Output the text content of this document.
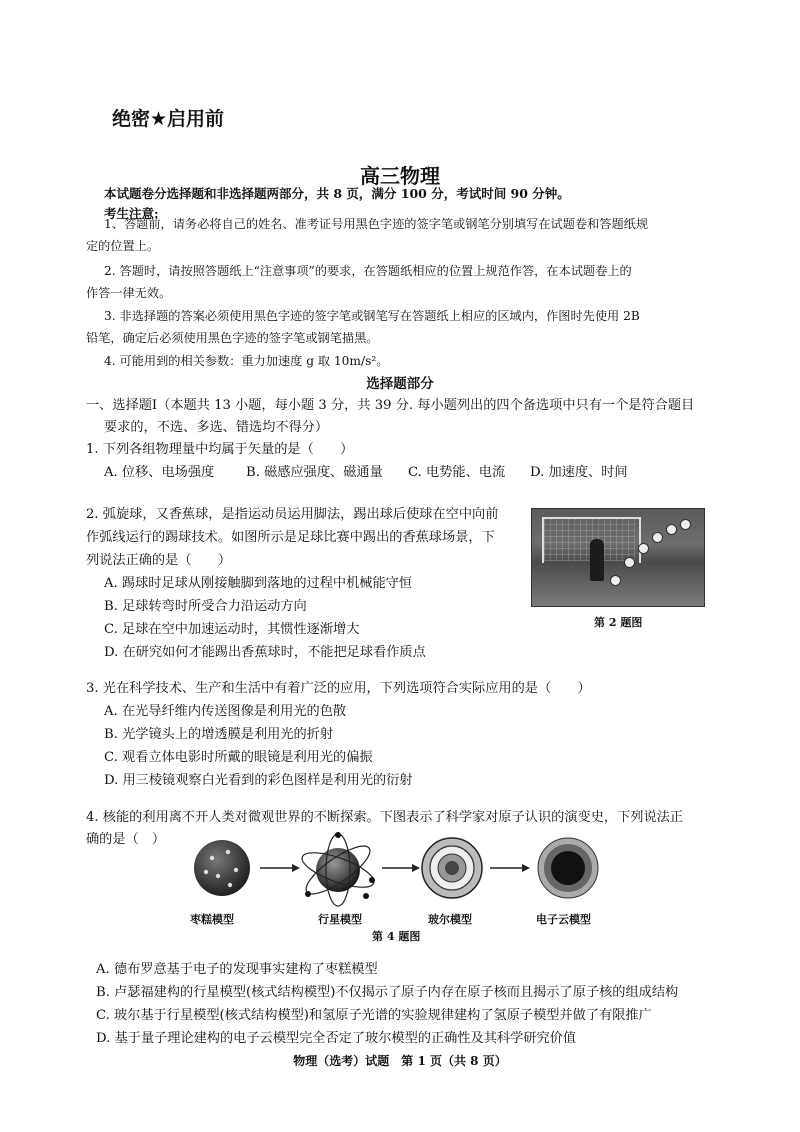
绝密★启用前
高三物理
本试题卷分选择题和非选择题两部分，共 8 页，满分 100 分，考试时间 90 分钟。
考生注意:
1、答题前，请务必将自己的姓名、准考证号用黑色字迹的签字笔或钢笔分别填写在试题卷和答题纸规
定的位置上。
2. 答题时，请按照答题纸上“注意事项”的要求，在答题纸相应的位置上规范作答，在本试题卷上的
作答一律无效。
3. 非选择题的答案必须使用黑色字迹的签字笔或钢笔写在答题纸上相应的区域内，作图时先使用 2B
铅笔，确定后必须使用黑色字迹的签字笔或钢笔描黑。
4. 可能用到的相关参数：重力加速度 g 取 10m/s²。
选择题部分
一、选择题I（本题共 13 小题，每小题 3 分，共 39 分. 每小题列出的四个备选项中只有一个是符合题目
要求的，不选、多选、错选均不得分）
1. 下列各组物理量中均属于矢量的是（　　）
A. 位移、电场强度 B. 磁感应强度、磁通量 C. 电势能、电流 D. 加速度、时间
2. 弧旋球，又香蕉球，是指运动员运用脚法，踢出球后使球在空中向前
作弧线运行的踢球技术。如图所示是足球比赛中踢出的香蕉球场景，下
列说法正确的是（　　）
A. 踢球时足球从刚接触脚到落地的过程中机械能守恒
B. 足球转弯时所受合力沿运动方向
C. 足球在空中加速运动时，其惯性逐渐增大
D. 在研究如何才能踢出香蕉球时，不能把足球看作质点
第 2 题图
3. 光在科学技术、生产和生活中有着广泛的应用，下列选项符合实际应用的是（　　）
A. 在光导纤维内传送图像是利用光的色散
B. 光学镜头上的增透膜是利用光的折射
C. 观看立体电影时所戴的眼镜是利用光的偏振
D. 用三棱镜观察白光看到的彩色图样是利用光的衍射
4. 核能的利用离不开人类对微观世界的不断探索。下图表示了科学家对原子认识的演变史，下列说法正
确的是（　）
枣糕模型	行星模型	玻尔模型	电子云模型
第 4 题图
A. 德布罗意基于电子的发现事实建构了枣糕模型
B. 卢瑟福建构的行星模型(核式结构模型)不仅揭示了原子内存在原子核而且揭示了原子核的组成结构
C. 玻尔基于行星模型(核式结构模型)和氢原子光谱的实验规律建构了氢原子模型并做了有限推广
D. 基于量子理论建构的电子云模型完全否定了玻尔模型的正确性及其科学研究价值
物理（选考）试题　第 1 页（共 8 页）
